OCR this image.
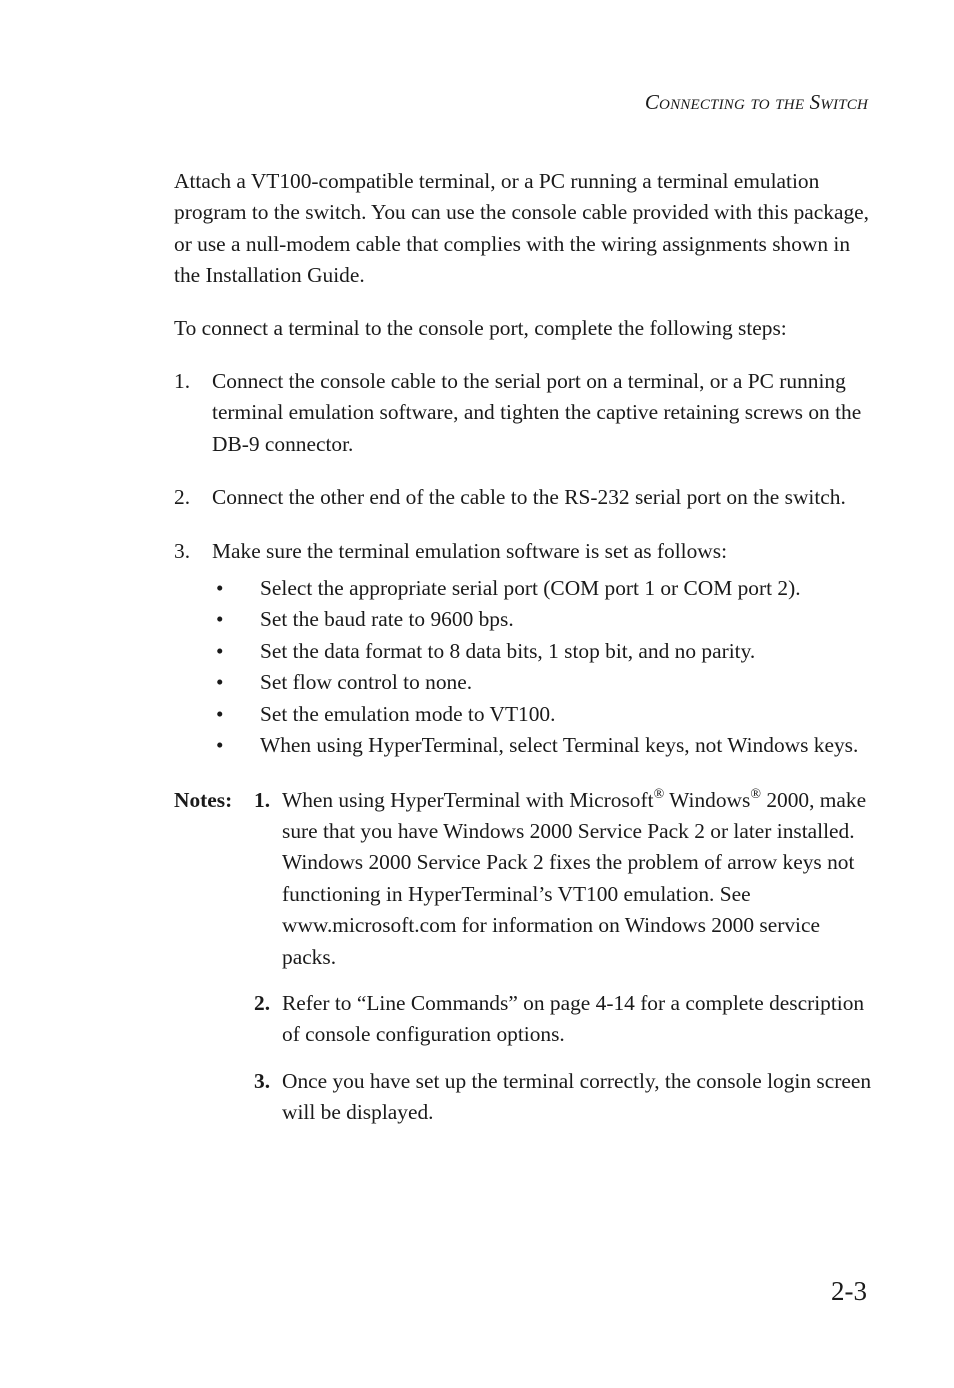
Connecting to the Switch

Attach a VT100-compatible terminal, or a PC running a terminal emulation program to the switch. You can use the console cable provided with this package, or use a null-modem cable that complies with the wiring assignments shown in the Installation Guide.

To connect a terminal to the console port, complete the following steps:

1. Connect the console cable to the serial port on a terminal, or a PC running terminal emulation software, and tighten the captive retaining screws on the DB-9 connector.
2. Connect the other end of the cable to the RS-232 serial port on the switch.
3. Make sure the terminal emulation software is set as follows:
• Select the appropriate serial port (COM port 1 or COM port 2).
• Set the baud rate to 9600 bps.
• Set the data format to 8 data bits, 1 stop bit, and no parity.
• Set flow control to none.
• Set the emulation mode to VT100.
• When using HyperTerminal, select Terminal keys, not Windows keys.
Notes: 1. When using HyperTerminal with Microsoft® Windows® 2000, make sure that you have Windows 2000 Service Pack 2 or later installed. Windows 2000 Service Pack 2 fixes the problem of arrow keys not functioning in HyperTerminal’s VT100 emulation. See www.microsoft.com for information on Windows 2000 service packs.
2. Refer to “Line Commands” on page 4-14 for a complete description of console configuration options.
3. Once you have set up the terminal correctly, the console login screen will be displayed.
2-3
